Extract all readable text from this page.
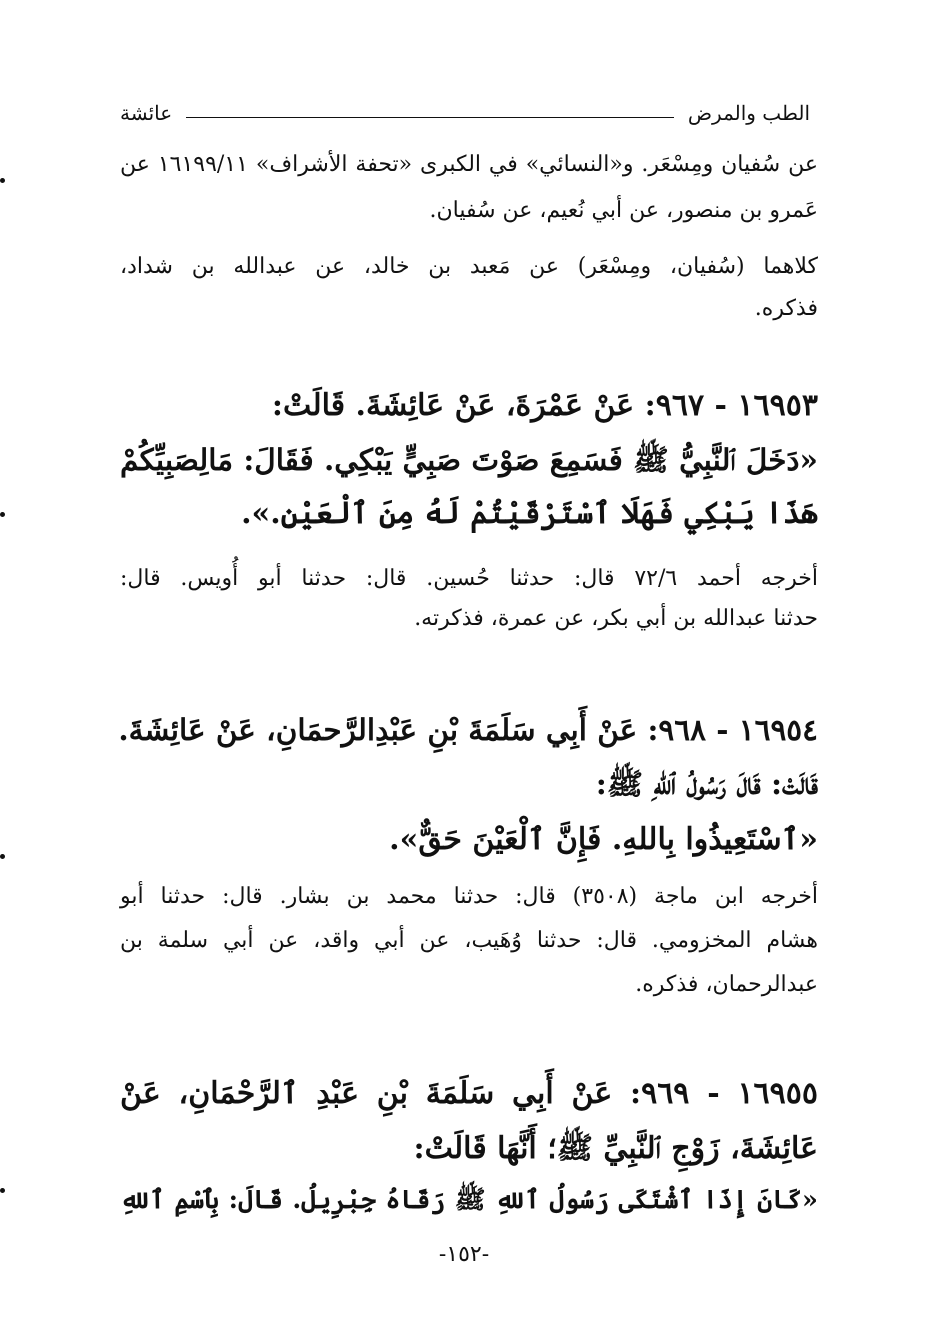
الطب والمرض
عائشة
عن سُفيان ومِسْعَر. و«النسائي» في الكبرى «تحفة الأشراف» ١٦١٩٩/١١ عن
عَمرو بن منصور، عن أبي نُعيم، عن سُفيان.
كلاهما (سُفيان، ومِسْعَر) عن مَعبد بن خالد، عن عبدالله بن شداد،
فذكره.
١٦٩٥٣ - ٩٦٧: عَنْ عَمْرَةَ، عَنْ عَائِشَةَ. قَالَتْ:
«دَخَلَ ٱلنَّبِيُّ ﷺ فَسَمِعَ صَوْتَ صَبِيٍّ يَبْكِي. فَقَالَ: مَالِصَبِيِّكُمْ
هَذَا يَبْكِي فَهَلَا ٱسْتَرْقَيْتُمْ لَهُ مِنَ ٱلْعَيْنِ.».
أخرجه أحمد ٧٢/٦ قال: حدثنا حُسين. قال: حدثنا أبو أُويس. قال:
حدثنا عبدالله بن أبي بكر، عن عمرة، فذكرته.
١٦٩٥٤ - ٩٦٨: عَنْ أَبِي سَلَمَةَ بْنِ عَبْدِالرَّحمَانِ، عَنْ عَائِشَةَ.
قَالَتْ: قَالَ رَسُولُ ٱللهِ ﷺ:
«ٱسْتَعِيذُوا بِاللهِ. فَإِنَّ ٱلْعَيْنَ حَقٌّ».
أخرجه ابن ماجة (٣٥٠٨) قال: حدثنا محمد بن بشار. قال: حدثنا أبو
هشام المخزومي. قال: حدثنا وُهَيب، عن أبي واقد، عن أبي سلمة بن
عبدالرحمان، فذكره.
١٦٩٥٥ - ٩٦٩: عَنْ أَبِي سَلَمَةَ بْنِ عَبْدِ ٱلرَّحْمَانِ، عَنْ
عَائِشَةَ، زَوْجِ ٱلنَّبِيِّ ﷺ؛ أَنَّهَا قَالَتْ:
«كَانَ إِذَا ٱشْتَكَى رَسُولُ ٱللهِ ﷺ رَقَاهُ جِبْرِيلُ. قَالَ: بِٱسْمِ ٱللهِ
-١٥٢-
